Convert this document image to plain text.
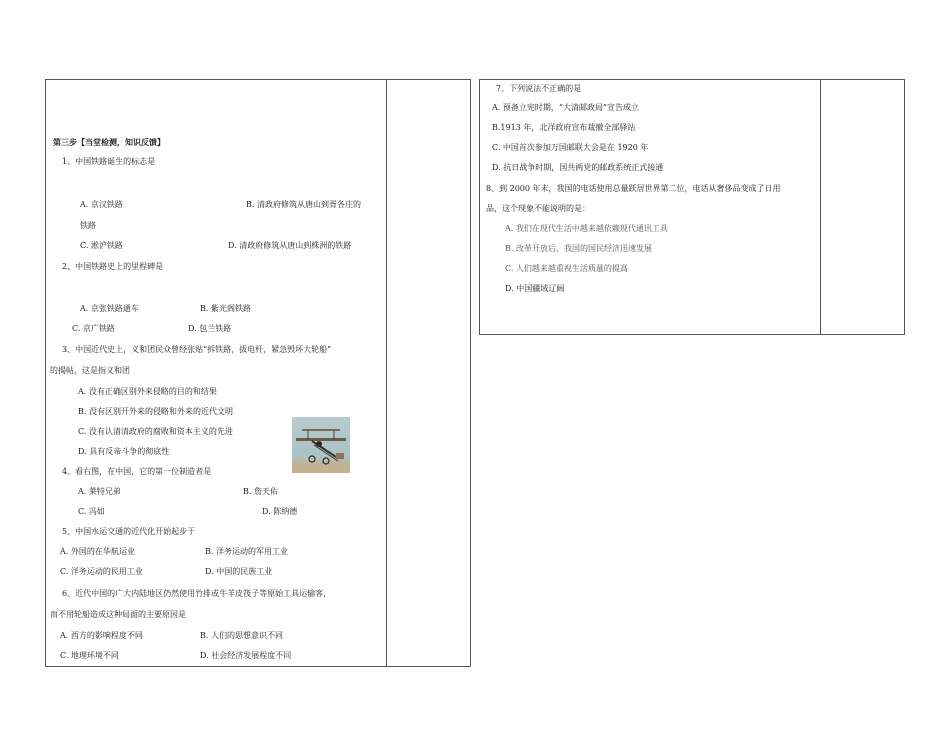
第三步【当堂检测，知识反馈】
1、中国铁路诞生的标志是
A. 京汉铁路	B. 清政府修筑从唐山到胥各庄的
铁路
C. 淞沪铁路	D. 清政府修筑从唐山到株洲的铁路
2、中国铁路史上的里程碑是
A. 京张铁路通车	B. 紫光阁铁路
C. 京广铁路	D. 包兰铁路
3、中国近代史上，义和团民众曾经张贴“拆铁路，拔电杆，紧急毁坏大轮船”
的揭帖，这是指义和团
A. 没有正确区别外来侵略的目的和结果
B. 没有区别开外来的侵略和外来的近代文明
C. 没有认清清政府的腐败和资本主义的先进
D. 具有反帝斗争的彻底性
4、看右图，在中国，它的第一位制造者是
A. 莱特兄弟	B. 詹天佑
C. 冯如	D. 陈纳德
5、中国水运交通的近代化开始起步于
A. 外国的在华航运业	B. 洋务运动的军用工业
C. 洋务运动的民用工业	D. 中国的民族工业
6、近代中国的广大内陆地区仍然使用竹排或牛羊皮筏子等原始工具运输客，
而不用轮船造成这种局面的主要原因是
A. 西方的影响程度不同	B. 人们的思想意识不同
C. 地理环境不同	D. 社会经济发展程度不同
7、下列说法不正确的是
A. 预备立宪时期，“大清邮政局”宣告成立
B.1913 年，北洋政府宣布裁撤全部驿站
C. 中国首次参加万国邮联大会是在 1920 年
D. 抗日战争时期，国共两党的邮政系统正式接通
8、到 2000 年末，我国的电话使用总量跃居世界第二位，电话从奢侈品变成了日用
品，这个现象不能说明的是：
A. 我们在现代生活中越来越依赖现代通讯工具
B. 改革开放后，我国的国民经济迅速发展
C. 人们越来越重视生活质量的提高
D. 中国疆域辽阔
